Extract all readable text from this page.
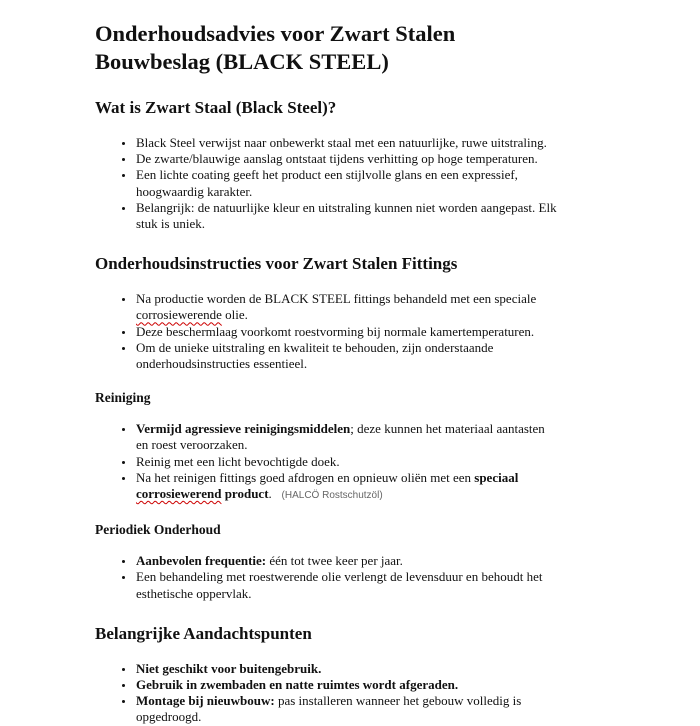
Onderhoudsadvies voor Zwart Stalen Bouwbeslag (BLACK STEEL)
Wat is Zwart Staal (Black Steel)?
• Black Steel verwijst naar onbewerkt staal met een natuurlijke, ruwe uitstraling.
• De zwarte/blauwige aanslag ontstaat tijdens verhitting op hoge temperaturen.
• Een lichte coating geeft het product een stijlvolle glans en een expressief, hoogwaardig karakter.
• Belangrijk: de natuurlijke kleur en uitstraling kunnen niet worden aangepast. Elk stuk is uniek.
Onderhoudsinstructies voor Zwart Stalen Fittings
• Na productie worden de BLACK STEEL fittings behandeld met een speciale corrosiewerende olie.
• Deze beschermlaag voorkomt roestvorming bij normale kamertemperaturen.
• Om de unieke uitstraling en kwaliteit te behouden, zijn onderstaande onderhoudsinstructies essentieel.
Reiniging
• Vermijd agressieve reinigingsmiddelen; deze kunnen het materiaal aantasten en roest veroorzaken.
• Reinig met een licht bevochtigde doek.
• Na het reinigen fittings goed afdrogen en opnieuw oliën met een speciaal corrosiewerend product.  (HALCÖ Rostschutzöl)
Periodiek Onderhoud
• Aanbevolen frequentie: één tot twee keer per jaar.
• Een behandeling met roestwerende olie verlengt de levensduur en behoudt het esthetische oppervlak.
Belangrijke Aandachtspunten
• Niet geschikt voor buitengebruik.
• Gebruik in zwembaden en natte ruimtes wordt afgeraden.
• Montage bij nieuwbouw: pas installeren wanneer het gebouw volledig is opgedroogd.
